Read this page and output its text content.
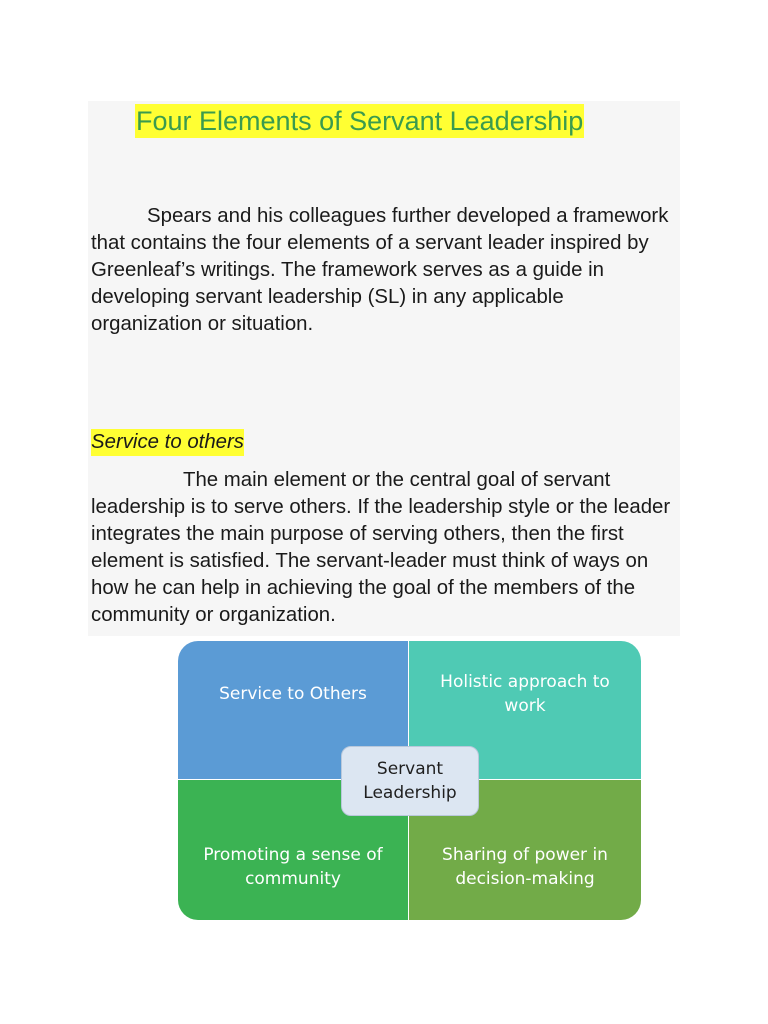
Four Elements of Servant Leadership

Spears and his colleagues further developed a framework that contains the four elements of a servant leader inspired by Greenleaf’s writings. The framework serves as a guide in developing servant leadership (SL) in any applicable organization or situation.

Service to others

The main element or the central goal of servant leadership is to serve others. If the leadership style or the leader integrates the main purpose of serving others, then the first element is satisfied. The servant-leader must think of ways on how he can help in achieving the goal of the members of the community or organization.

Service to Others
Holistic approach to work
Promoting a sense of community
Sharing of power in decision-making
Servant Leadership
